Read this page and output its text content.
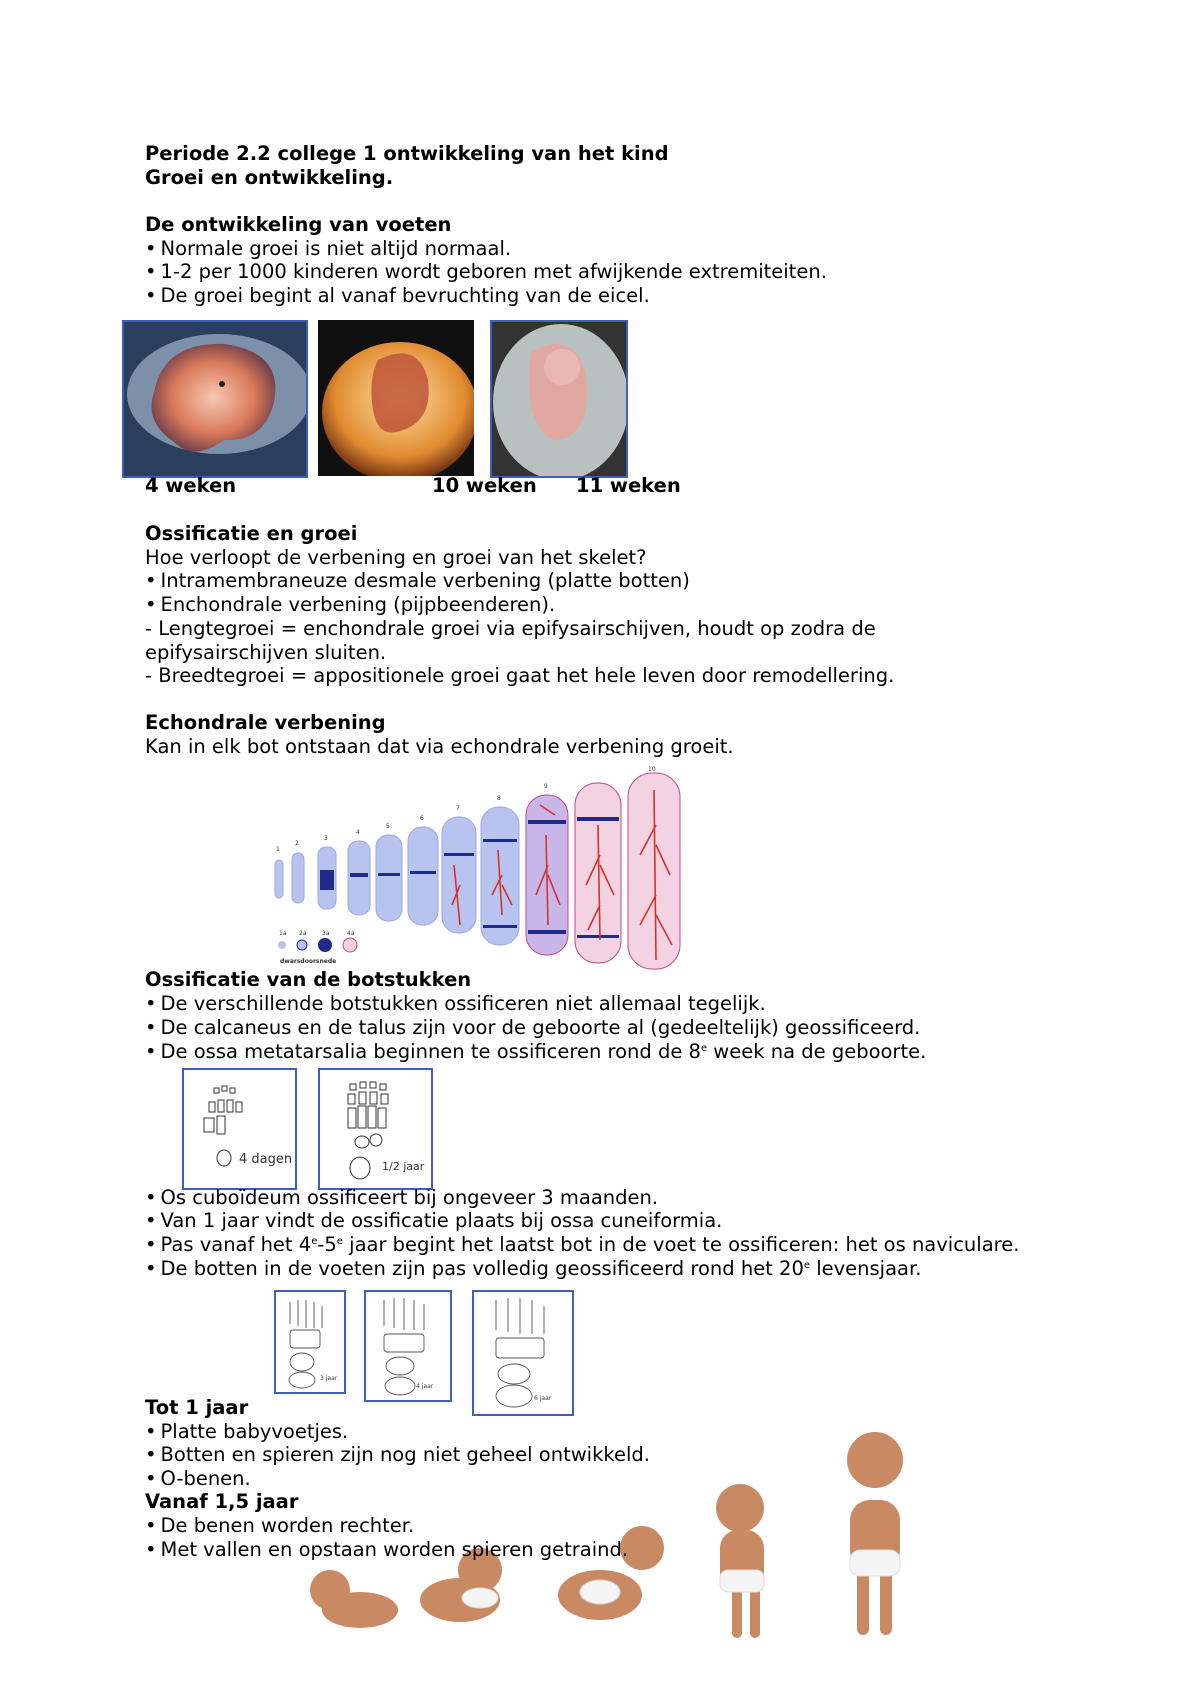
Periode 2.2 college 1 ontwikkeling van het kind
Groei en ontwikkeling.
De ontwikkeling van voeten
• Normale groei is niet altijd normaal.
• 1-2 per 1000 kinderen wordt geboren met afwijkende extremiteiten.
• De groei begint al vanaf bevruchting van de eicel.
4 weken	10 weken 11 weken
Ossificatie en groei
Hoe verloopt de verbening en groei van het skelet?
• Intramembraneuze desmale verbening (platte botten)
• Enchondrale verbening (pijpbeenderen).
- Lengtegroei = enchondrale groei via epifysairschijven, houdt op zodra de
epifysairschijven sluiten.
- Breedtegroei = appositionele groei gaat het hele leven door remodellering.
Echondrale verbening
Kan in elk bot ontstaan dat via echondrale verbening groeit.
1
2
3
4
5
6
7
8
9
10
1a 2a	3a	4a
dwarsdoorsnede
Ossificatie van de botstukken
• De verschillende botstukken ossificeren niet allemaal tegelijk.
• De calcaneus en de talus zijn voor de geboorte al (gedeeltelijk) geossificeerd.
• De ossa metatarsalia beginnen te ossificeren rond de 8e week na de geboorte.
4 dagen	1/2 jaar
• Os cuboïdeum ossificeert bij ongeveer 3 maanden.
• Van 1 jaar vindt de ossificatie plaats bij ossa cuneiformia.
• Pas vanaf het 4e-5e jaar begint het laatst bot in de voet te ossificeren: het os naviculare.
• De botten in de voeten zijn pas volledig geossificeerd rond het 20e levensjaar.
3 jaar
4 jaar
6 jaar
Tot 1 jaar
• Platte babyvoetjes.
• Botten en spieren zijn nog niet geheel ontwikkeld.
• O-benen.
Vanaf 1,5 jaar
• De benen worden rechter.
• Met vallen en opstaan worden spieren getraind.
